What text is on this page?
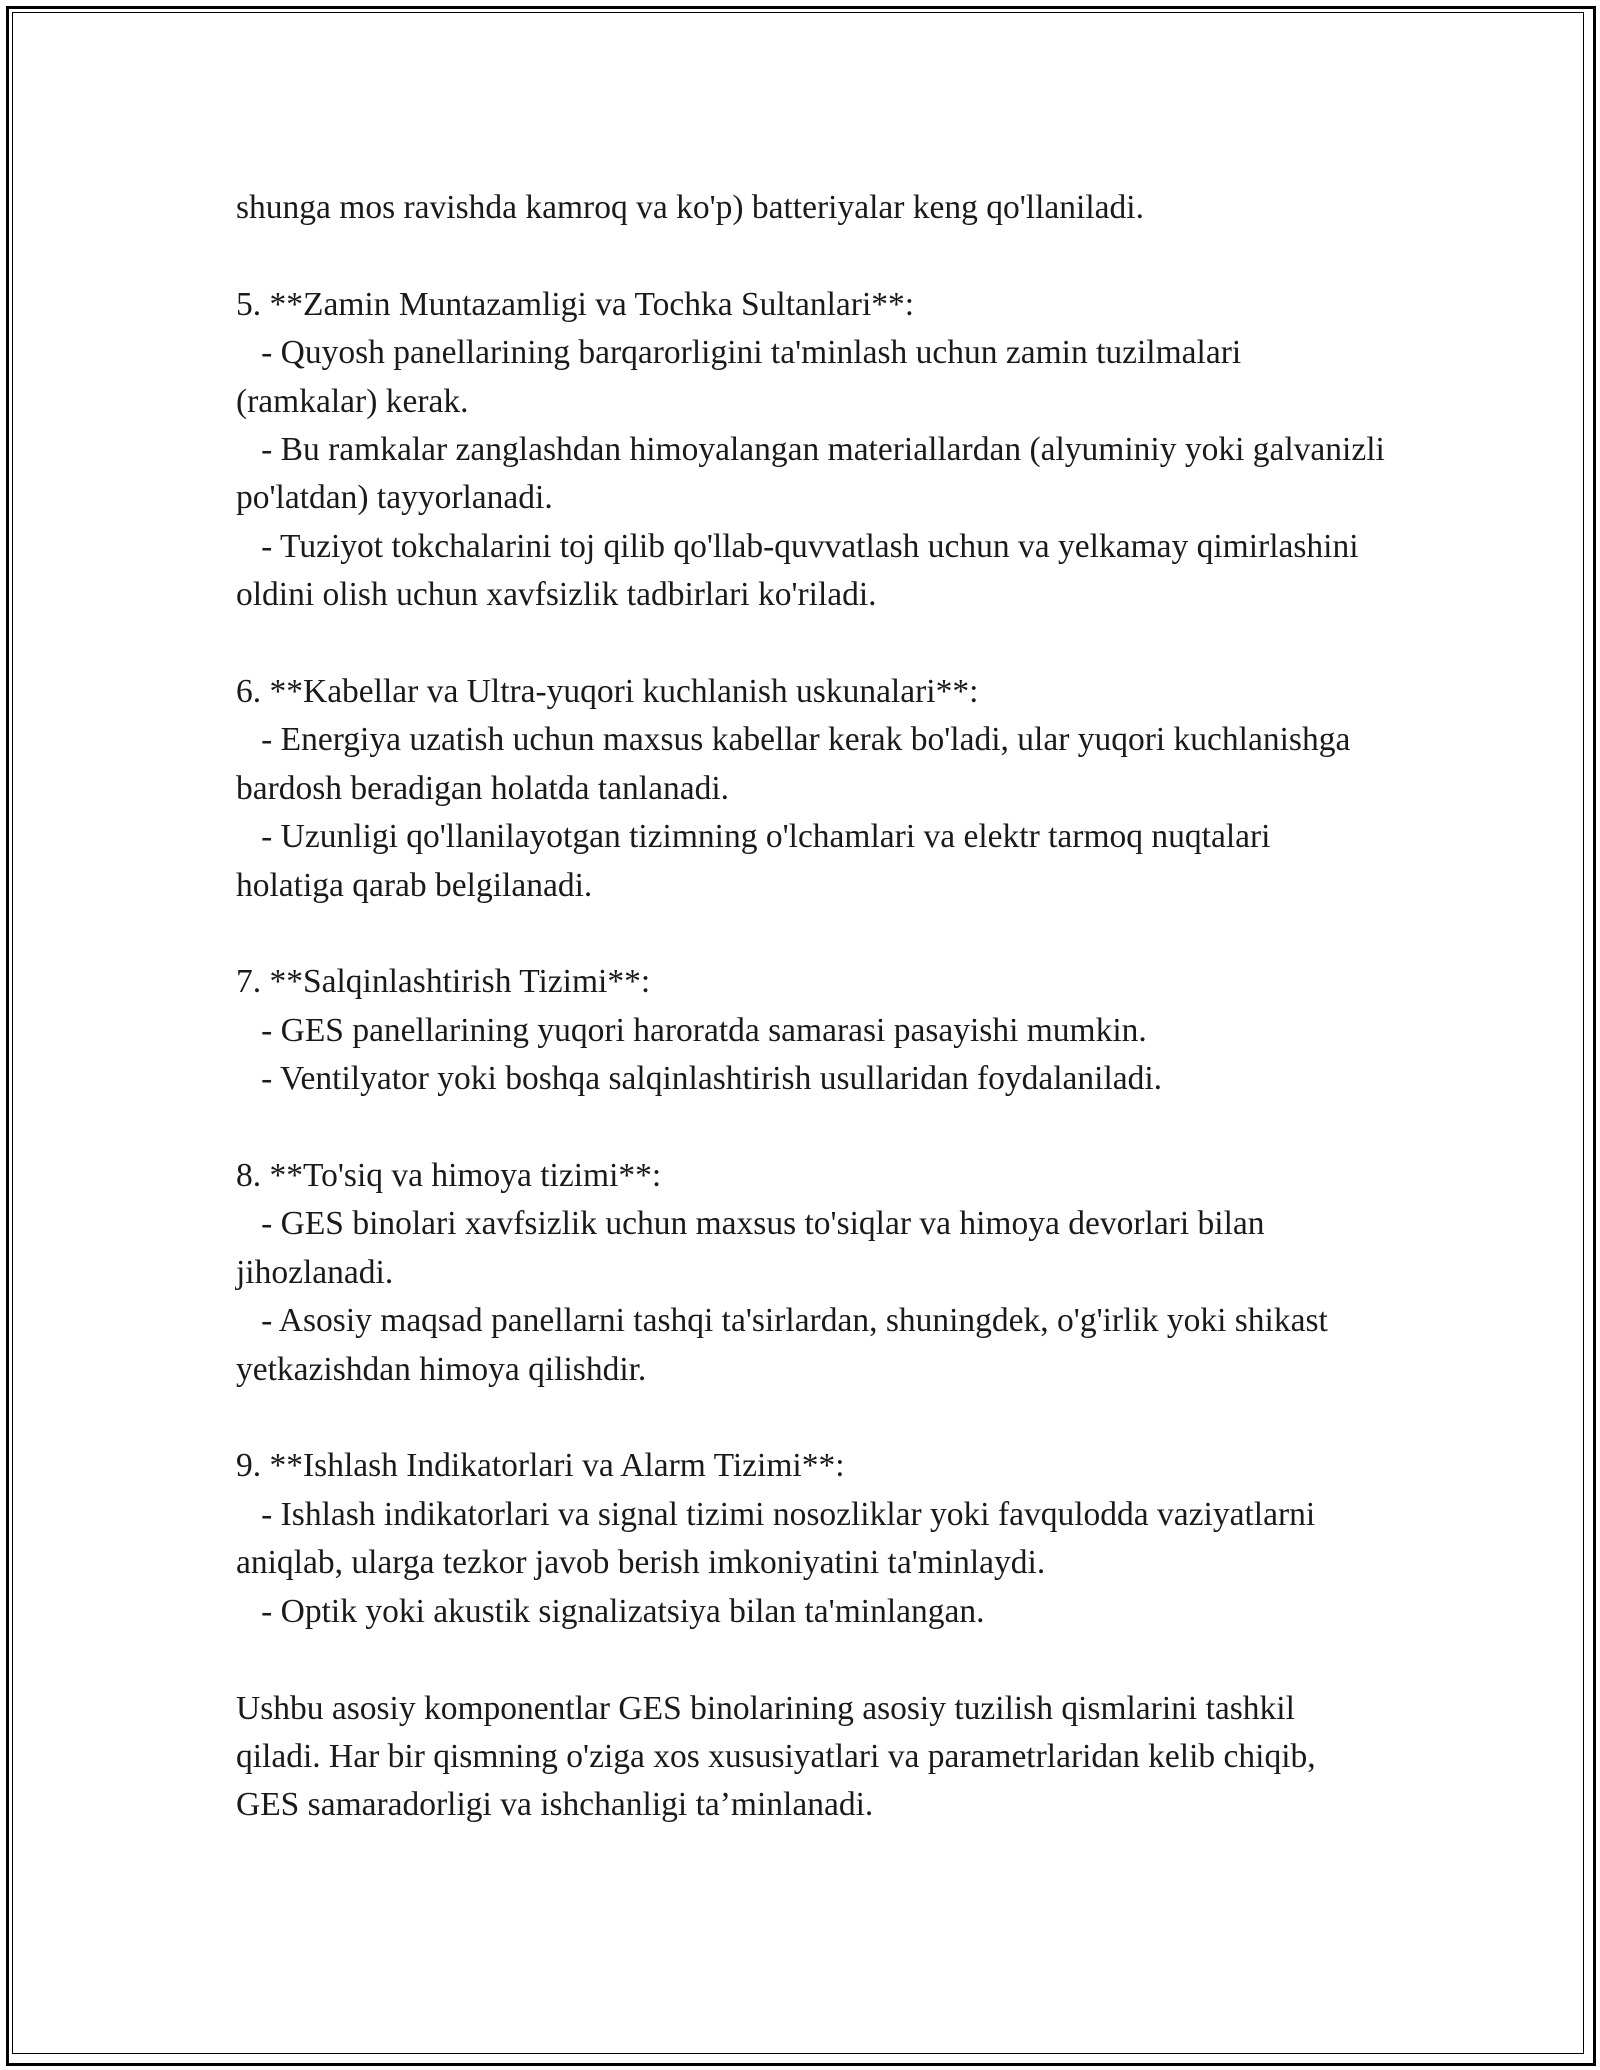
shunga mos ravishda kamroq va ko'p) batteriyalar keng qo'llaniladi.

5. **Zamin Muntazamligi va Tochka Sultanlari**:

- Quyosh panellarining barqarorligini ta'minlash uchun zamin tuzilmalari (ramkalar) kerak.

- Bu ramkalar zanglashdan himoyalangan materiallardan (alyuminiy yoki galvanizli po'latdan) tayyorlanadi.

- Tuziyot tokchalarini toj qilib qo'llab-quvvatlash uchun va yelkamay qimirlashini oldini olish uchun xavfsizlik tadbirlari ko'riladi.

6. **Kabellar va Ultra-yuqori kuchlanish uskunalari**:

- Energiya uzatish uchun maxsus kabellar kerak bo'ladi, ular yuqori kuchlanishga bardosh beradigan holatda tanlanadi.

- Uzunligi qo'llanilayotgan tizimning o'lchamlari va elektr tarmoq nuqtalari holatiga qarab belgilanadi.

7. **Salqinlashtirish Tizimi**:

- GES panellarining yuqori haroratda samarasi pasayishi mumkin.

- Ventilyator yoki boshqa salqinlashtirish usullaridan foydalaniladi.

8. **To'siq va himoya tizimi**:

- GES binolari xavfsizlik uchun maxsus to'siqlar va himoya devorlari bilan jihozlanadi.

- Asosiy maqsad panellarni tashqi ta'sirlardan, shuningdek, o'g'irlik yoki shikast yetkazishdan himoya qilishdir.

9. **Ishlash Indikatorlari va Alarm Tizimi**:

- Ishlash indikatorlari va signal tizimi nosozliklar yoki favqulodda vaziyatlarni aniqlab, ularga tezkor javob berish imkoniyatini ta'minlaydi.

- Optik yoki akustik signalizatsiya bilan ta'minlangan.

Ushbu asosiy komponentlar GES binolarining asosiy tuzilish qismlarini tashkil qiladi. Har bir qismning o'ziga xos xususiyatlari va parametrlaridan kelib chiqib, GES samaradorligi va ishchanligi ta’minlanadi.
